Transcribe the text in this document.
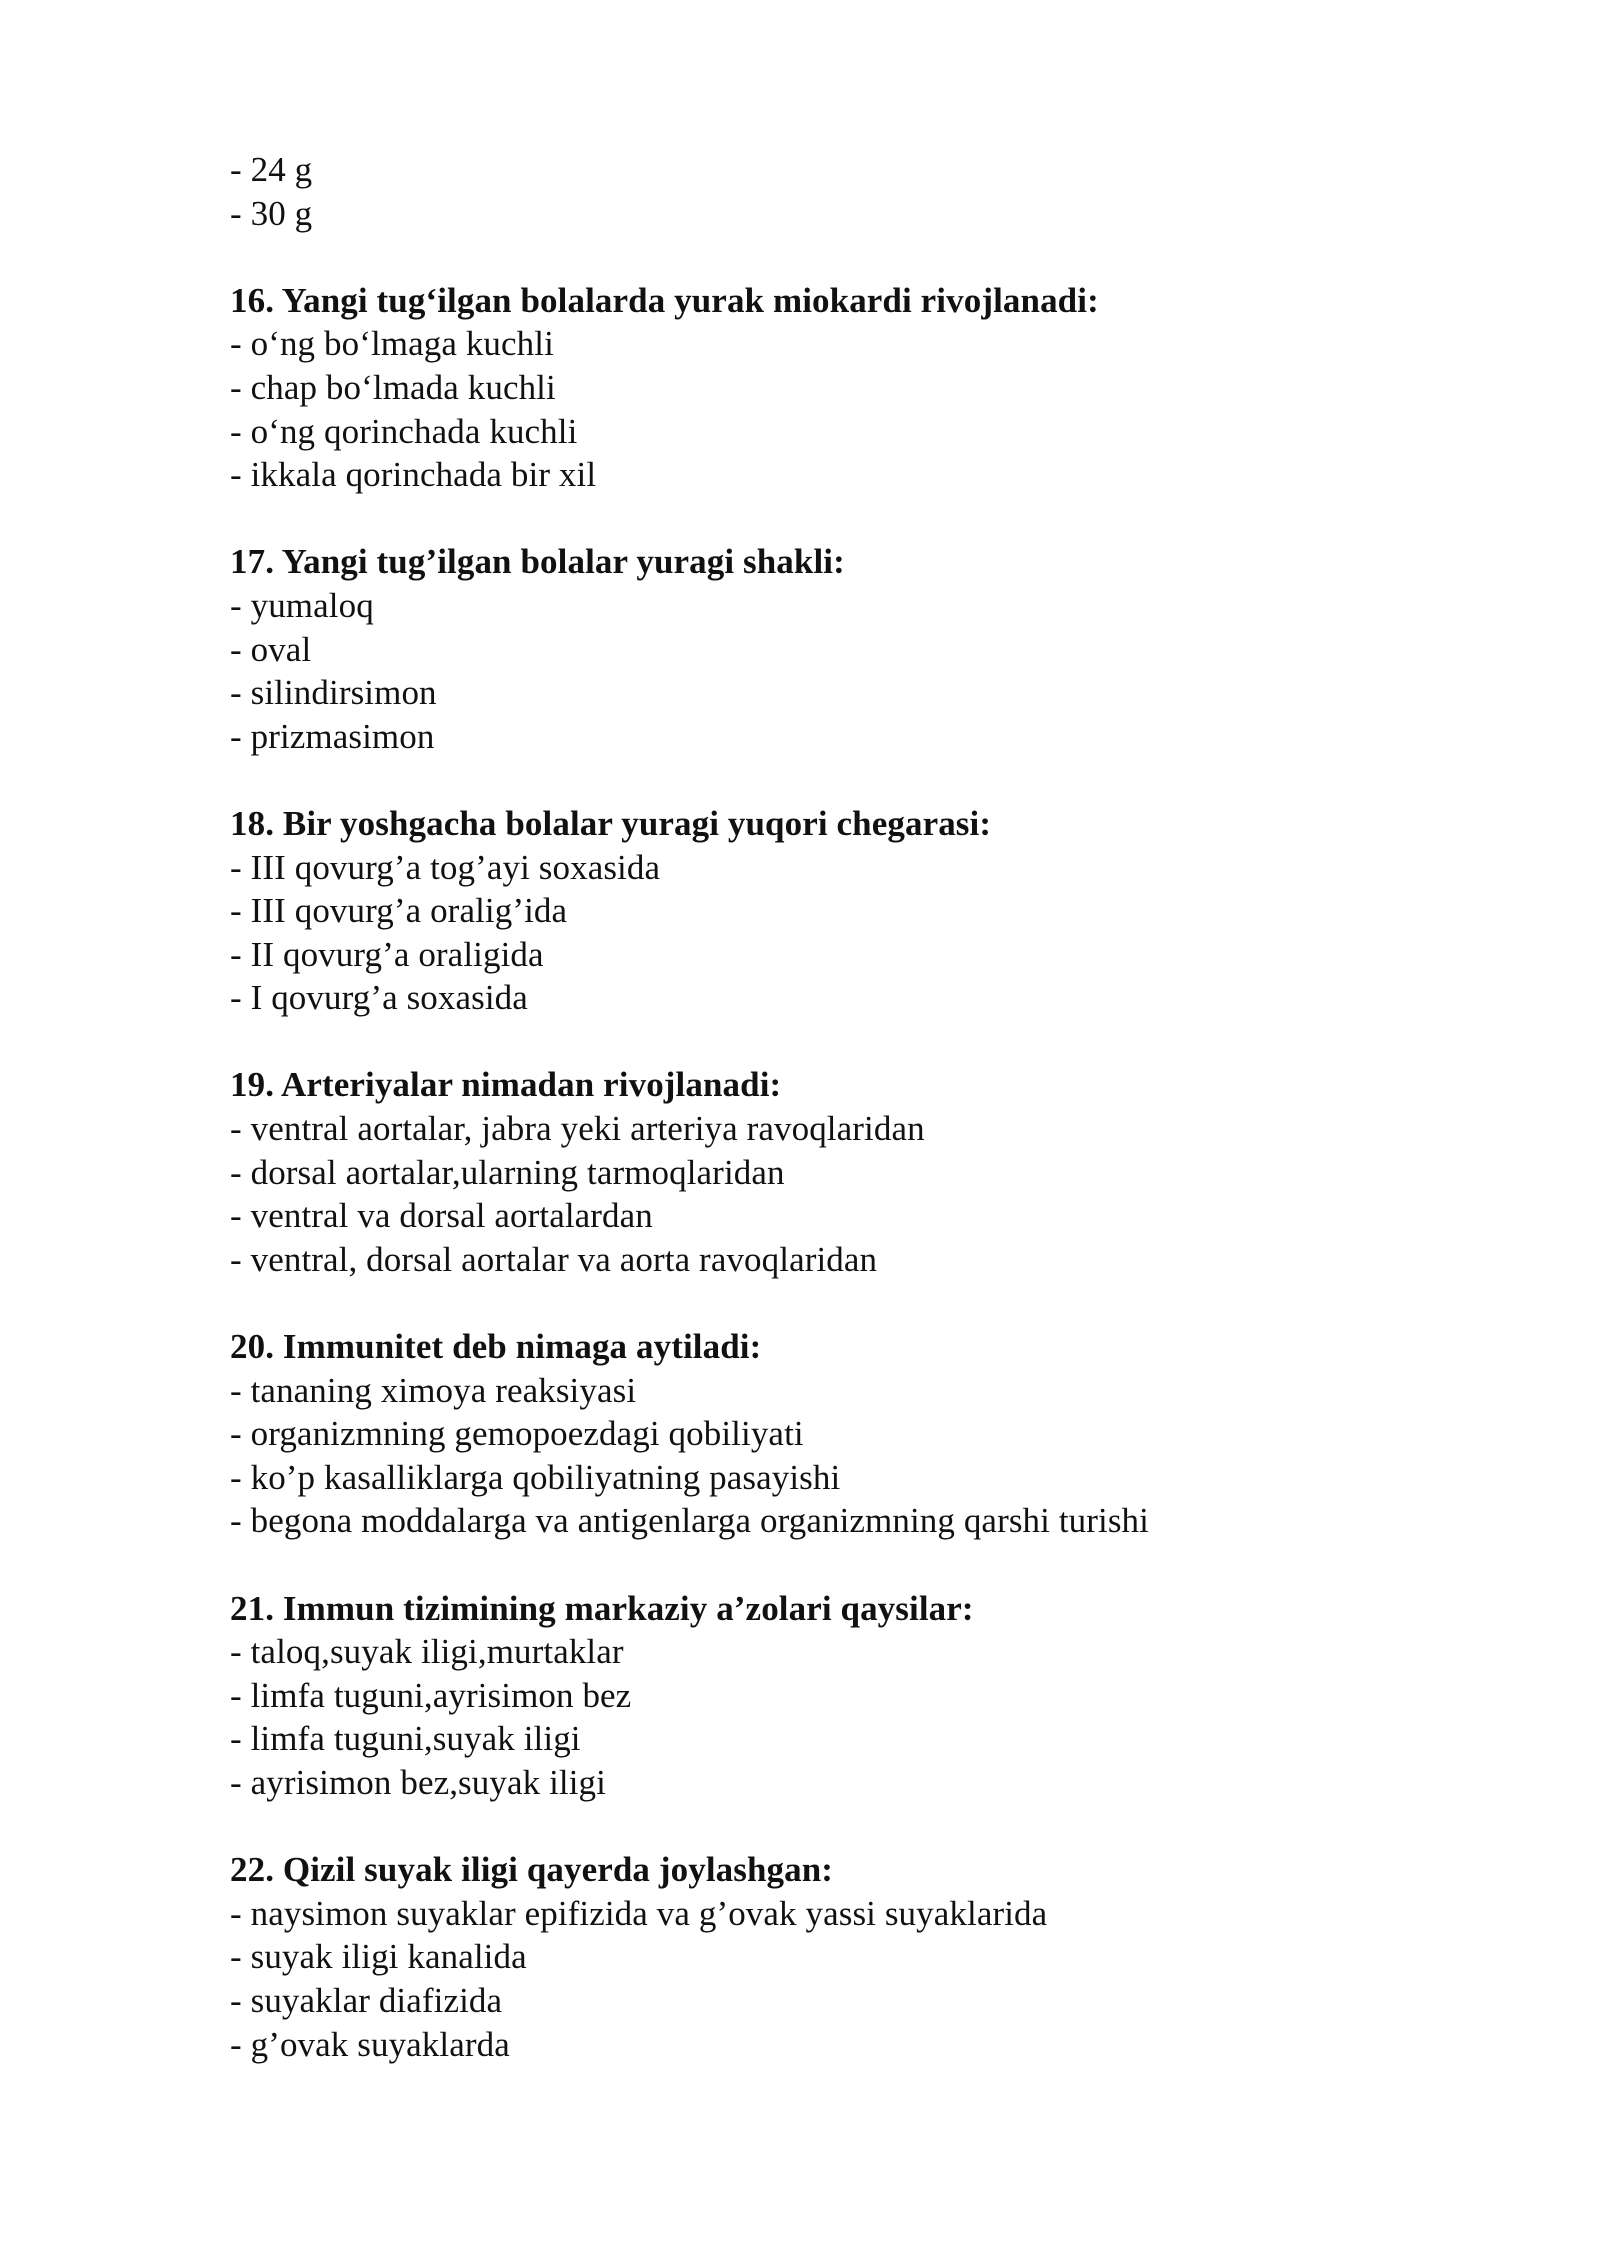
- 24 g
- 30 g
16. Yangi tug‘ilgan bolalarda yurak miokardi rivojlanadi:
- o‘ng bo‘lmaga kuchli
- chap bo‘lmada kuchli
- o‘ng qorinchada kuchli
- ikkala qorinchada bir xil
17. Yangi tug’ilgan bolalar yuragi shakli:
- yumaloq
- oval
- silindirsimon
- prizmasimon
18. Bir yoshgacha bolalar yuragi yuqori chegarasi:
- III qovurg’a tog’ayi soxasida
- III qovurg’a oralig’ida
- II qovurg’a oraligida
- I qovurg’a soxasida
19. Arteriyalar nimadan rivojlanadi:
- ventral aortalar, jabra yeki arteriya ravoqlaridan
- dorsal aortalar,ularning tarmoqlaridan
- ventral va dorsal aortalardan
- ventral, dorsal aortalar va aorta ravoqlaridan
20. Immunitet deb nimaga aytiladi:
- tananing ximoya reaksiyasi
- organizmning gemopoezdagi qobiliyati
- ko’p kasalliklarga qobiliyatning pasayishi
- begona moddalarga va antigenlarga organizmning qarshi turishi
21. Immun tizimining markaziy a’zolari qaysilar:
- taloq,suyak iligi,murtaklar
- limfa tuguni,ayrisimon bez
- limfa tuguni,suyak iligi
- ayrisimon bez,suyak iligi
22. Qizil suyak iligi qayerda joylashgan:
- naysimon suyaklar epifizida va g’ovak yassi suyaklarida
- suyak iligi kanalida
- suyaklar diafizida
- g’ovak suyaklarda
